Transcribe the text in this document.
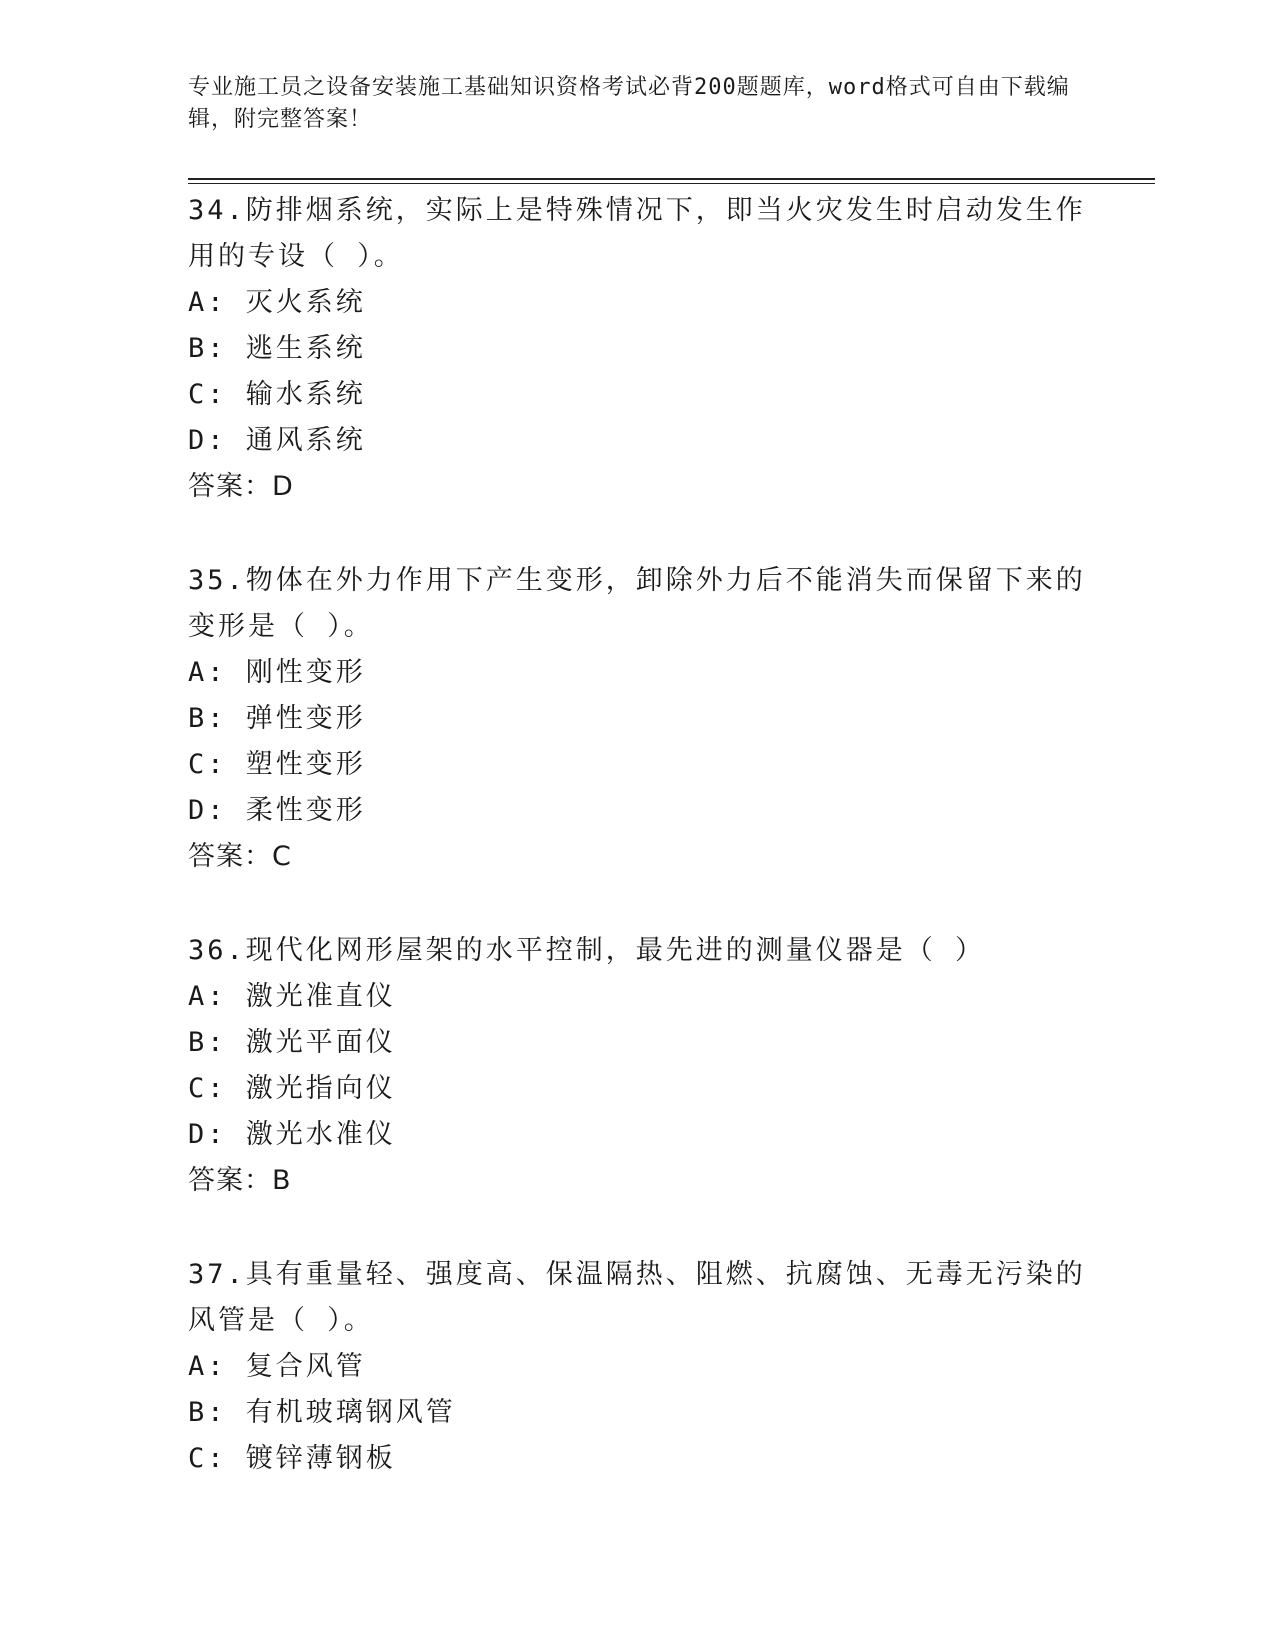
专业施工员之设备安装施工基础知识资格考试必背200题题库，word格式可自由下载编辑，附完整答案！

34.防排烟系统，实际上是特殊情况下，即当火灾发生时启动发生作用的专设（ ）。

A: 灭火系统

B: 逃生系统

C: 输水系统

D: 通风系统

答案：D

35.物体在外力作用下产生变形，卸除外力后不能消失而保留下来的变形是（ ）。

A: 刚性变形

B: 弹性变形

C: 塑性变形

D: 柔性变形

答案：C

36.现代化网形屋架的水平控制，最先进的测量仪器是（ ）

A: 激光准直仪

B: 激光平面仪

C: 激光指向仪

D: 激光水准仪

答案：B

37.具有重量轻、强度高、保温隔热、阻燃、抗腐蚀、无毒无污染的风管是（ ）。

A: 复合风管

B: 有机玻璃钢风管

C: 镀锌薄钢板
